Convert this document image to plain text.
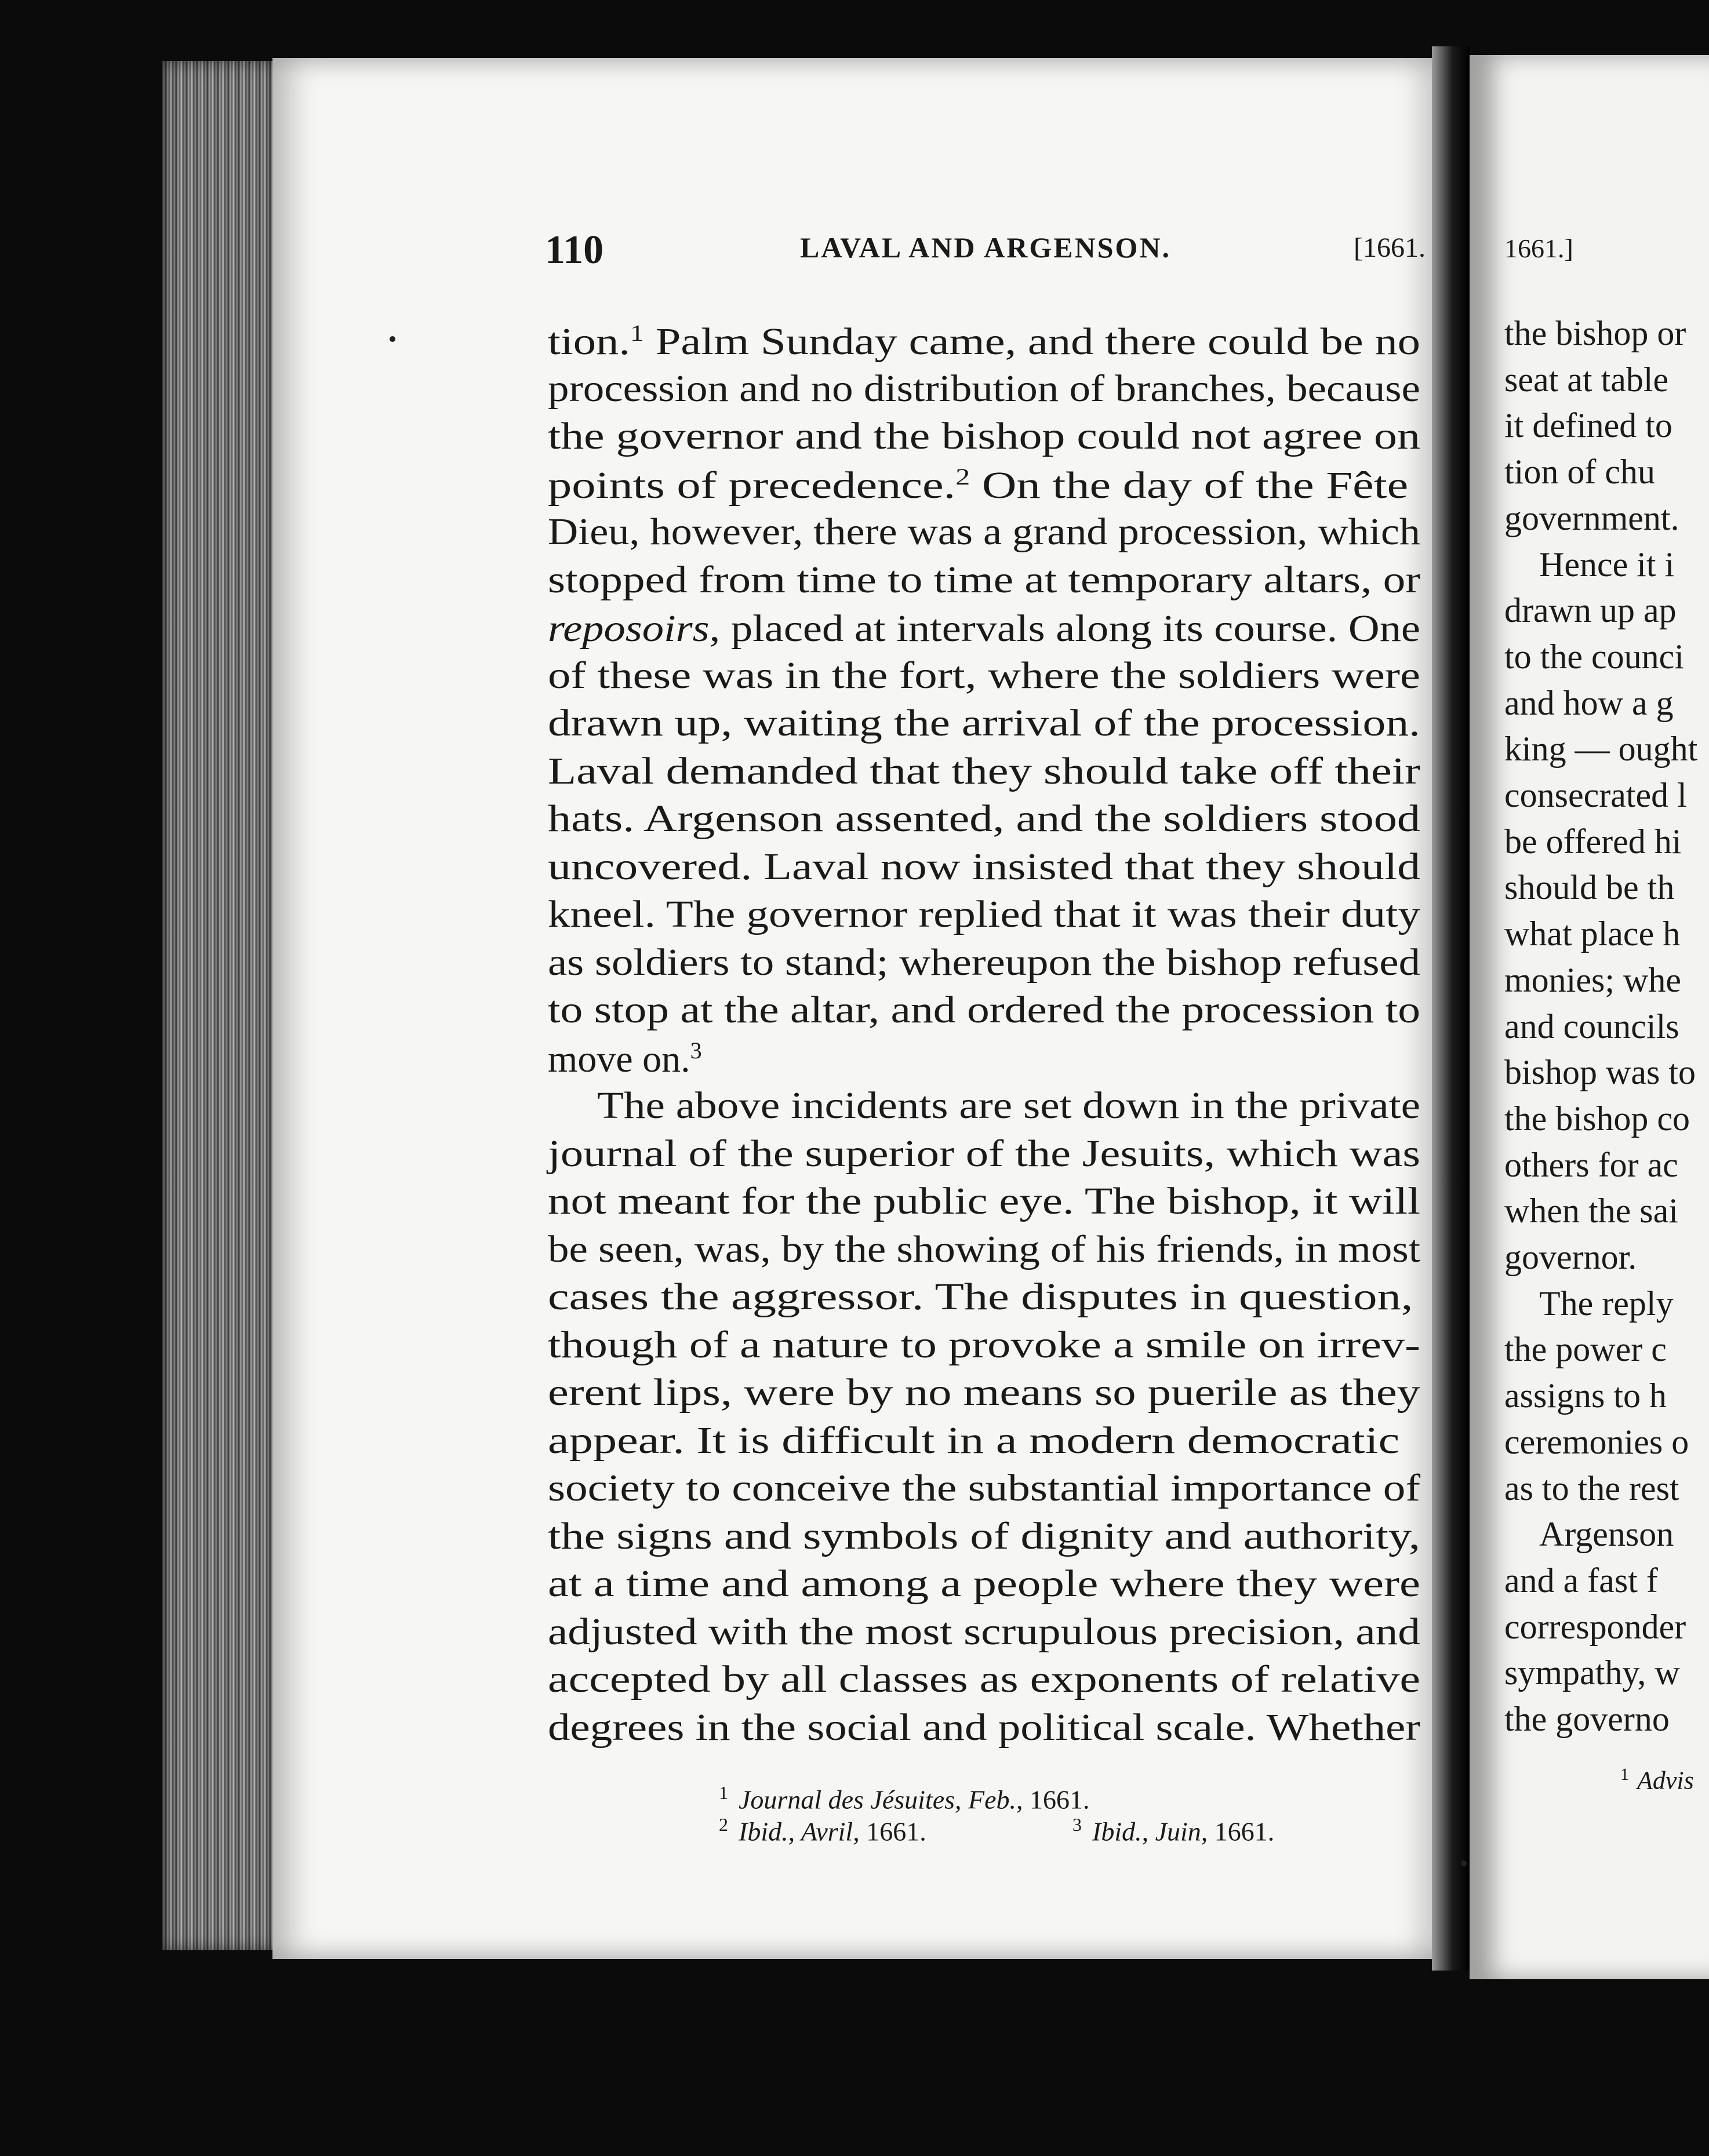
110	LAVAL AND ARGENSON.	[1661.
tion.$^1$ Palm Sunday came, and there could be no
procession and no distribution of branches, because
the governor and the bishop could not agree on
points of precedence.$^2$ On the day of the Fête
Dieu, however, there was a grand procession, which
stopped from time to time at temporary altars, or
reposoirs, placed at intervals along its course. One
of these was in the fort, where the soldiers were
drawn up, waiting the arrival of the procession.
Laval demanded that they should take off their
hats. Argenson assented, and the soldiers stood
uncovered. Laval now insisted that they should
kneel. The governor replied that it was their duty
as soldiers to stand; whereupon the bishop refused
to stop at the altar, and ordered the procession to
move on.$^3$
The above incidents are set down in the private
journal of the superior of the Jesuits, which was
not meant for the public eye. The bishop, it will
be seen, was, by the showing of his friends, in most
cases the aggressor. The disputes in question,
though of a nature to provoke a smile on irrev-
erent lips, were by no means so puerile as they
appear. It is difficult in a modern democratic
society to conceive the substantial importance of
the signs and symbols of dignity and authority,
at a time and among a people where they were
adjusted with the most scrupulous precision, and
accepted by all classes as exponents of relative
degrees in the social and political scale. Whether
$^1$ Journal des Jésuites, Feb., 1661.
$^2$ Ibid., Avril, 1661.	$^3$ Ibid., Juin, 1661.
1661.]
the bishop or
seat at table
it defined to
tion of chu
government.
Hence it i
drawn up ap
to the counci
and how a g
king — ought
consecrated l
be offered hi
should be th
what place h
monies; whe
and councils
bishop was to
the bishop co
others for ac
when the sai
governor.
The reply
the power c
assigns to h
ceremonies o
as to the rest
Argenson
and a fast f
corresponder
sympathy, w
the governo
$^1$ Advis
